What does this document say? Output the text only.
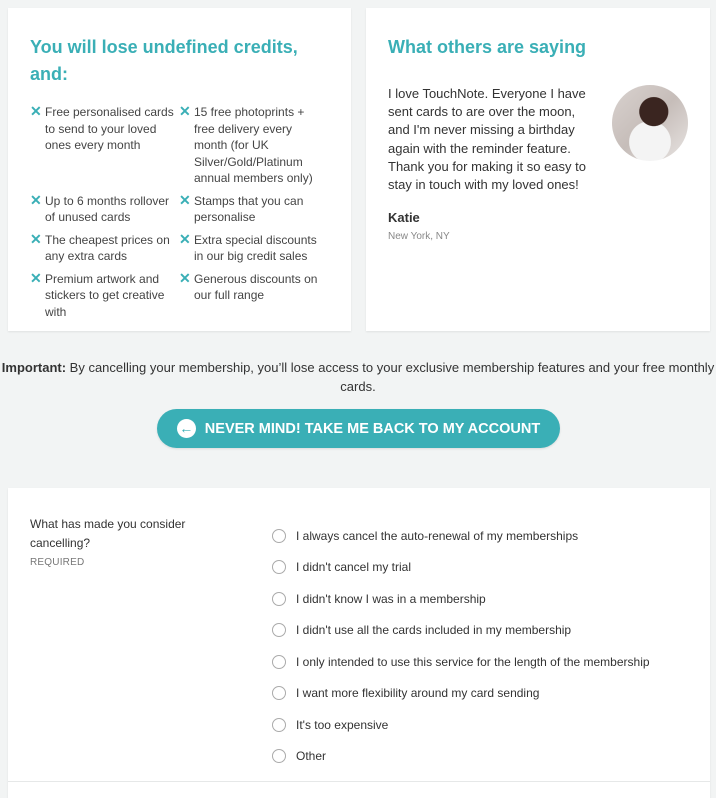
You will lose undefined credits, and:
✕ Free personalised cards to send to your loved ones every month
✕ 15 free photoprints + free delivery every month (for UK Silver/Gold/Platinum annual members only)
✕ Up to 6 months rollover of unused cards
✕ Stamps that you can personalise
✕ The cheapest prices on any extra cards
✕ Extra special discounts in our big credit sales
✕ Premium artwork and stickers to get creative with
✕ Generous discounts on our full range
What others are saying
I love TouchNote. Everyone I have sent cards to are over the moon, and I'm never missing a birthday again with the reminder feature. Thank you for making it so easy to stay in touch with my loved ones!
Katie
New York, NY
Important: By cancelling your membership, you’ll lose access to your exclusive membership features and your free monthly cards.
← NEVER MIND! TAKE ME BACK TO MY ACCOUNT
What has made you consider cancelling?
REQUIRED
I always cancel the auto-renewal of my memberships
I didn't cancel my trial
I didn't know I was in a membership
I didn't use all the cards included in my membership
I only intended to use this service for the length of the membership
I want more flexibility around my card sending
It's too expensive
Other
